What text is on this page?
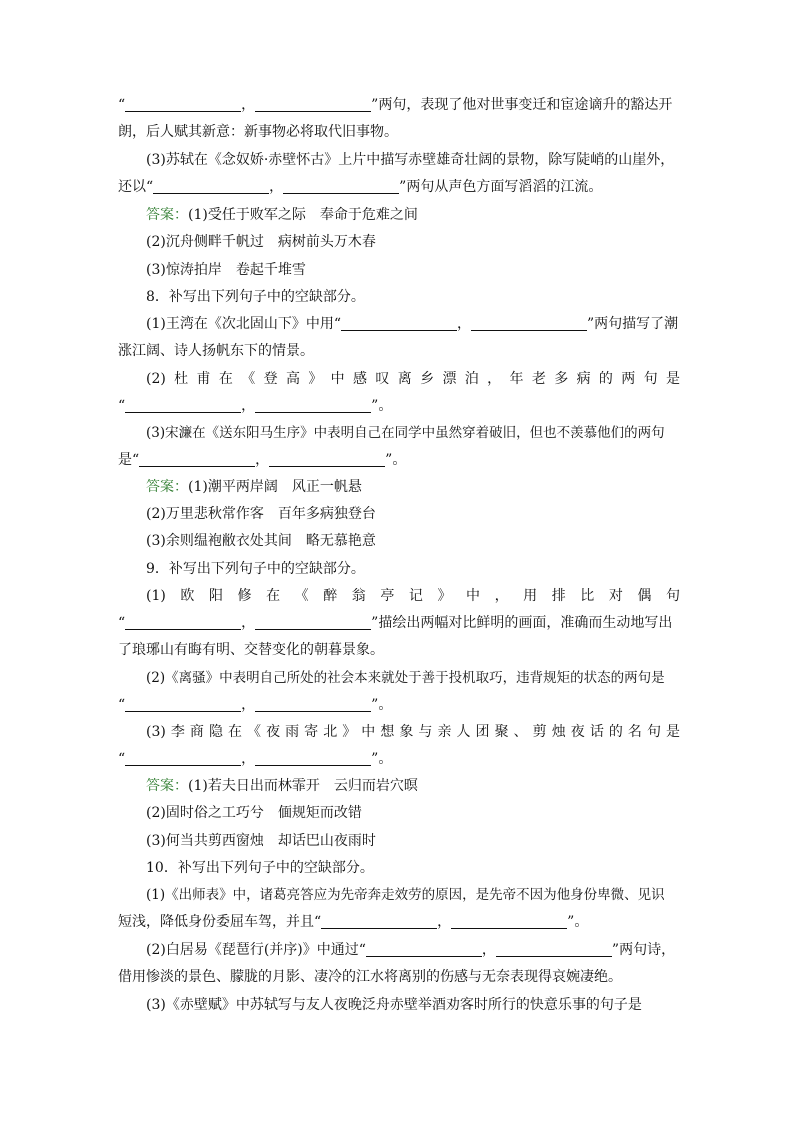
“	，	”两句，表现了他对世事变迁和宦途谪升的豁达开
朗，后人赋其新意：新事物必将取代旧事物。
(3)苏轼在《念奴娇·赤壁怀古》上片中描写赤壁雄奇壮阔的景物，除写陡峭的山崖外，
还以“	，	”两句从声色方面写滔滔的江流。
答案：(1)受任于败军之际　奉命于危难之间
(2)沉舟侧畔千帆过　病树前头万木春
(3)惊涛拍岸　卷起千堆雪
8．补写出下列句子中的空缺部分。
(1)王湾在《次北固山下》中用“	，	”两句描写了潮
涨江阔、诗人扬帆东下的情景。
(2)杜甫在《登高》中感叹离乡漂泊，年老多病的两句是
“	，	”。
(3)宋濂在《送东阳马生序》中表明自己在同学中虽然穿着破旧，但也不羡慕他们的两句
是“	，	”。
答案：(1)潮平两岸阔　风正一帆悬
(2)万里悲秋常作客　百年多病独登台
(3)余则缊袍敝衣处其间　略无慕艳意
9．补写出下列句子中的空缺部分。
(1)欧阳修在《醉翁亭记》中，用排比对偶句
“	，	”描绘出两幅对比鲜明的画面，准确而生动地写出
了琅琊山有晦有明、交替变化的朝暮景象。
(2)《离骚》中表明自己所处的社会本来就处于善于投机取巧，违背规矩的状态的两句是
“	，	”。
(3)李商隐在《夜雨寄北》中想象与亲人团聚、剪烛夜话的名句是
“	，	”。
答案：(1)若夫日出而林霏开　云归而岩穴暝
(2)固时俗之工巧兮　偭规矩而改错
(3)何当共剪西窗烛　却话巴山夜雨时
10．补写出下列句子中的空缺部分。
(1)《出师表》中，诸葛亮答应为先帝奔走效劳的原因，是先帝不因为他身份卑微、见识
短浅，降低身份委屈车驾，并且“	，	”。
(2)白居易《琵琶行(并序)》中通过“	，	”两句诗，
借用惨淡的景色、朦胧的月影、凄冷的江水将离别的伤感与无奈表现得哀婉凄绝。
(3)《赤壁赋》中苏轼写与友人夜晚泛舟赤壁举酒劝客时所行的快意乐事的句子是
